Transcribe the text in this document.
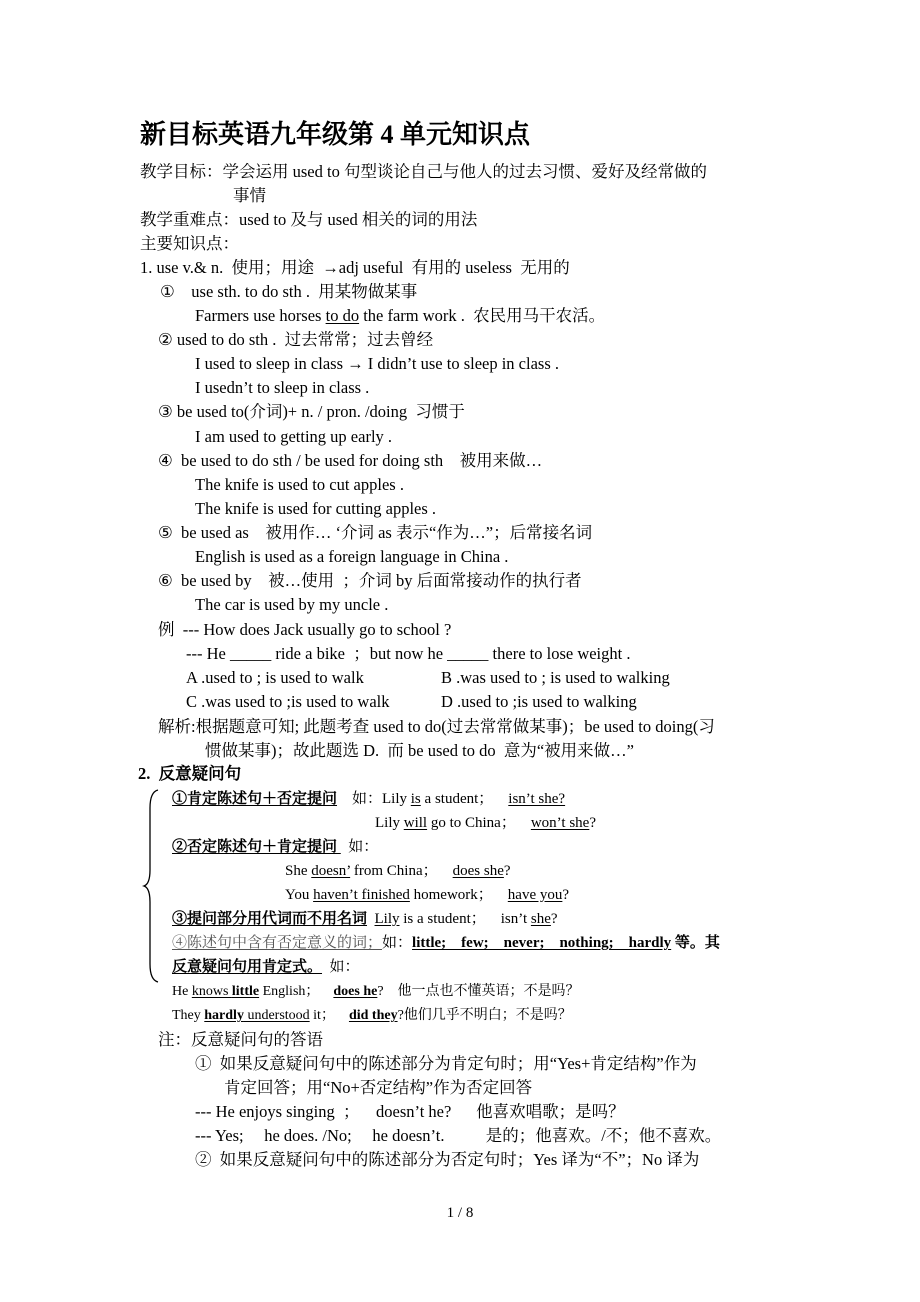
新目标英语九年级第 4 单元知识点
1 / 8
教学目标：学会运用 used to 句型谈论自己与他人的过去习惯、爱好及经常做的
事情
教学重难点：used to 及与 used 相关的词的用法
主要知识点：
1. use v.& n.  使用；用途  →adj useful  有用的 useless  无用的
①    use sth. to do sth .  用某物做某事
Farmers use horses to do the farm work .  农民用马干农活。
② used to do sth .  过去常常；过去曾经
I used to sleep in class → I didn’t use to sleep in class .
I usedn’t to sleep in class .
③ be used to(介词)+ n. / pron. /doing  习惯于
I am used to getting up early .
④  be used to do sth / be used for doing sth    被用来做…
The knife is used to cut apples .
The knife is used for cutting apples .
⑤  be used as    被用作… ‘介词 as 表示“作为…”；后常接名词
English is used as a foreign language in China .
⑥  be used by    被…使用  ；介词 by 后面常接动作的执行者
The car is used by my uncle .
例  --- How does Jack usually go to school ?
--- He _____ ride a bike  ；but now he _____ there to lose weight .
A .used to ; is used to walk	B .was used to ; is used to walking
C .was used to ;is used to walk	D .used to ;is used to walking
解析:根据题意可知; 此题考查 used to do(过去常常做某事)；be used to doing(习
惯做某事)；故此题选 D.  而 be used to do  意为“被用来做…”
2.  反意疑问句
①肯定陈述句＋否定提问    如：Lily is a student；    isn’t she?
Lily will go to China；    won’t she?
②否定陈述句＋肯定提问   如：
She doesn’ from China；    does she?
You haven’t finished homework；    have you?
③提问部分用代词而不用名词 Lily is a student；    isn’t she?
④陈述句中含有否定意义的词；如：little;    few;    never;    nothing;    hardly 等。其
反意疑问句用肯定式。  如：
He knows little English；    does he?    他一点也不懂英语；不是吗？
They hardly understood it；    did they?他们几乎不明白；不是吗？
注：反意疑问句的答语
①  如果反意疑问句中的陈述部分为肯定句时；用“Yes+肯定结构”作为
肯定回答；用“No+否定结构”作为否定回答
--- He enjoys singing  ；    doesn’t he?      他喜欢唱歌；是吗？
--- Yes;     he does. /No;     he doesn’t.          是的；他喜欢。/不；他不喜欢。
②  如果反意疑问句中的陈述部分为否定句时；Yes 译为“不”；No 译为
